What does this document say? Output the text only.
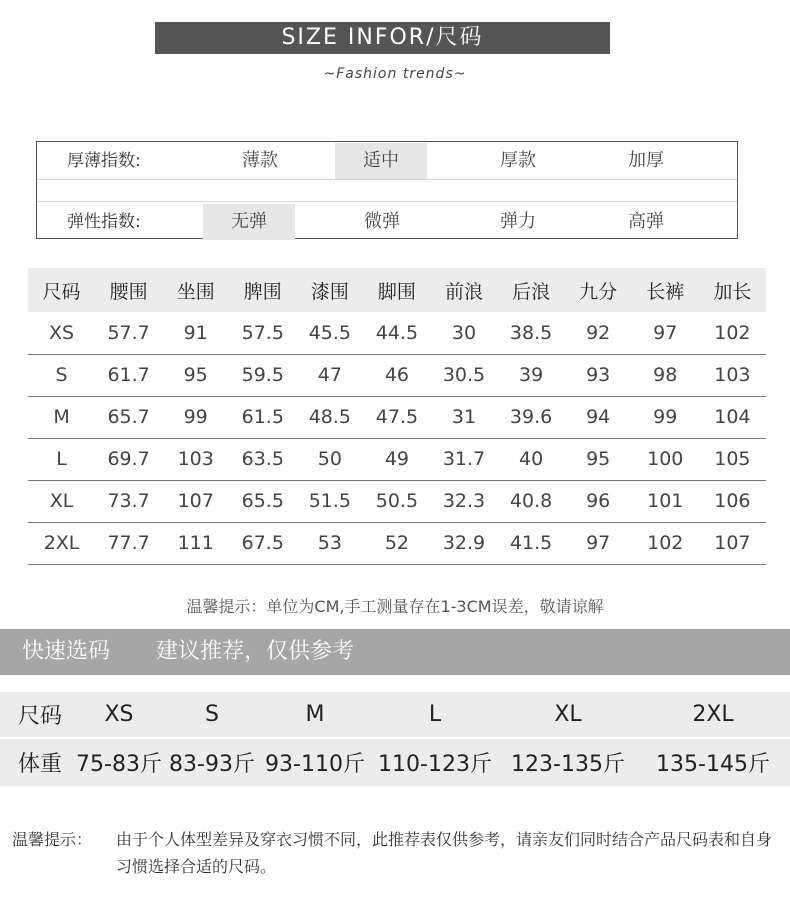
SIZE INFOR/尺码
~Fashion trends~
厚薄指数:	薄款	适中	厚款	加厚
弹性指数:	无弹	微弹	弹力	高弹
尺码	腰围	坐围	脾围	漆围	脚围	前浪	后浪	九分	长裤	加长
XS	57.7	91	57.5	45.5	44.5	30	38.5	92	97	102
S	61.7	95	59.5	47	46	30.5	39	93	98	103
M	65.7	99	61.5	48.5	47.5	31	39.6	94	99	104
L	69.7	103	63.5	50	49	31.7	40	95	100	105
XL	73.7	107	65.5	51.5	50.5	32.3	40.8	96	101	106
2XL	77.7	111	67.5	53	52	32.9	41.5	97	102	107
温馨提示：单位为CM,手工测量存在1-3CM误差，敬请谅解
快速选码 建议推荐，仅供参考
尺码	XS	S	M	L	XL	2XL
体重	75-83斤	83-93斤	93-110斤	110-123斤	123-135斤	135-145斤
温馨提示： 由于个人体型差异及穿衣习惯不同，此推荐表仅供参考，请亲友们同时结合产品尺码表和自身习惯选择合适的尺码。
